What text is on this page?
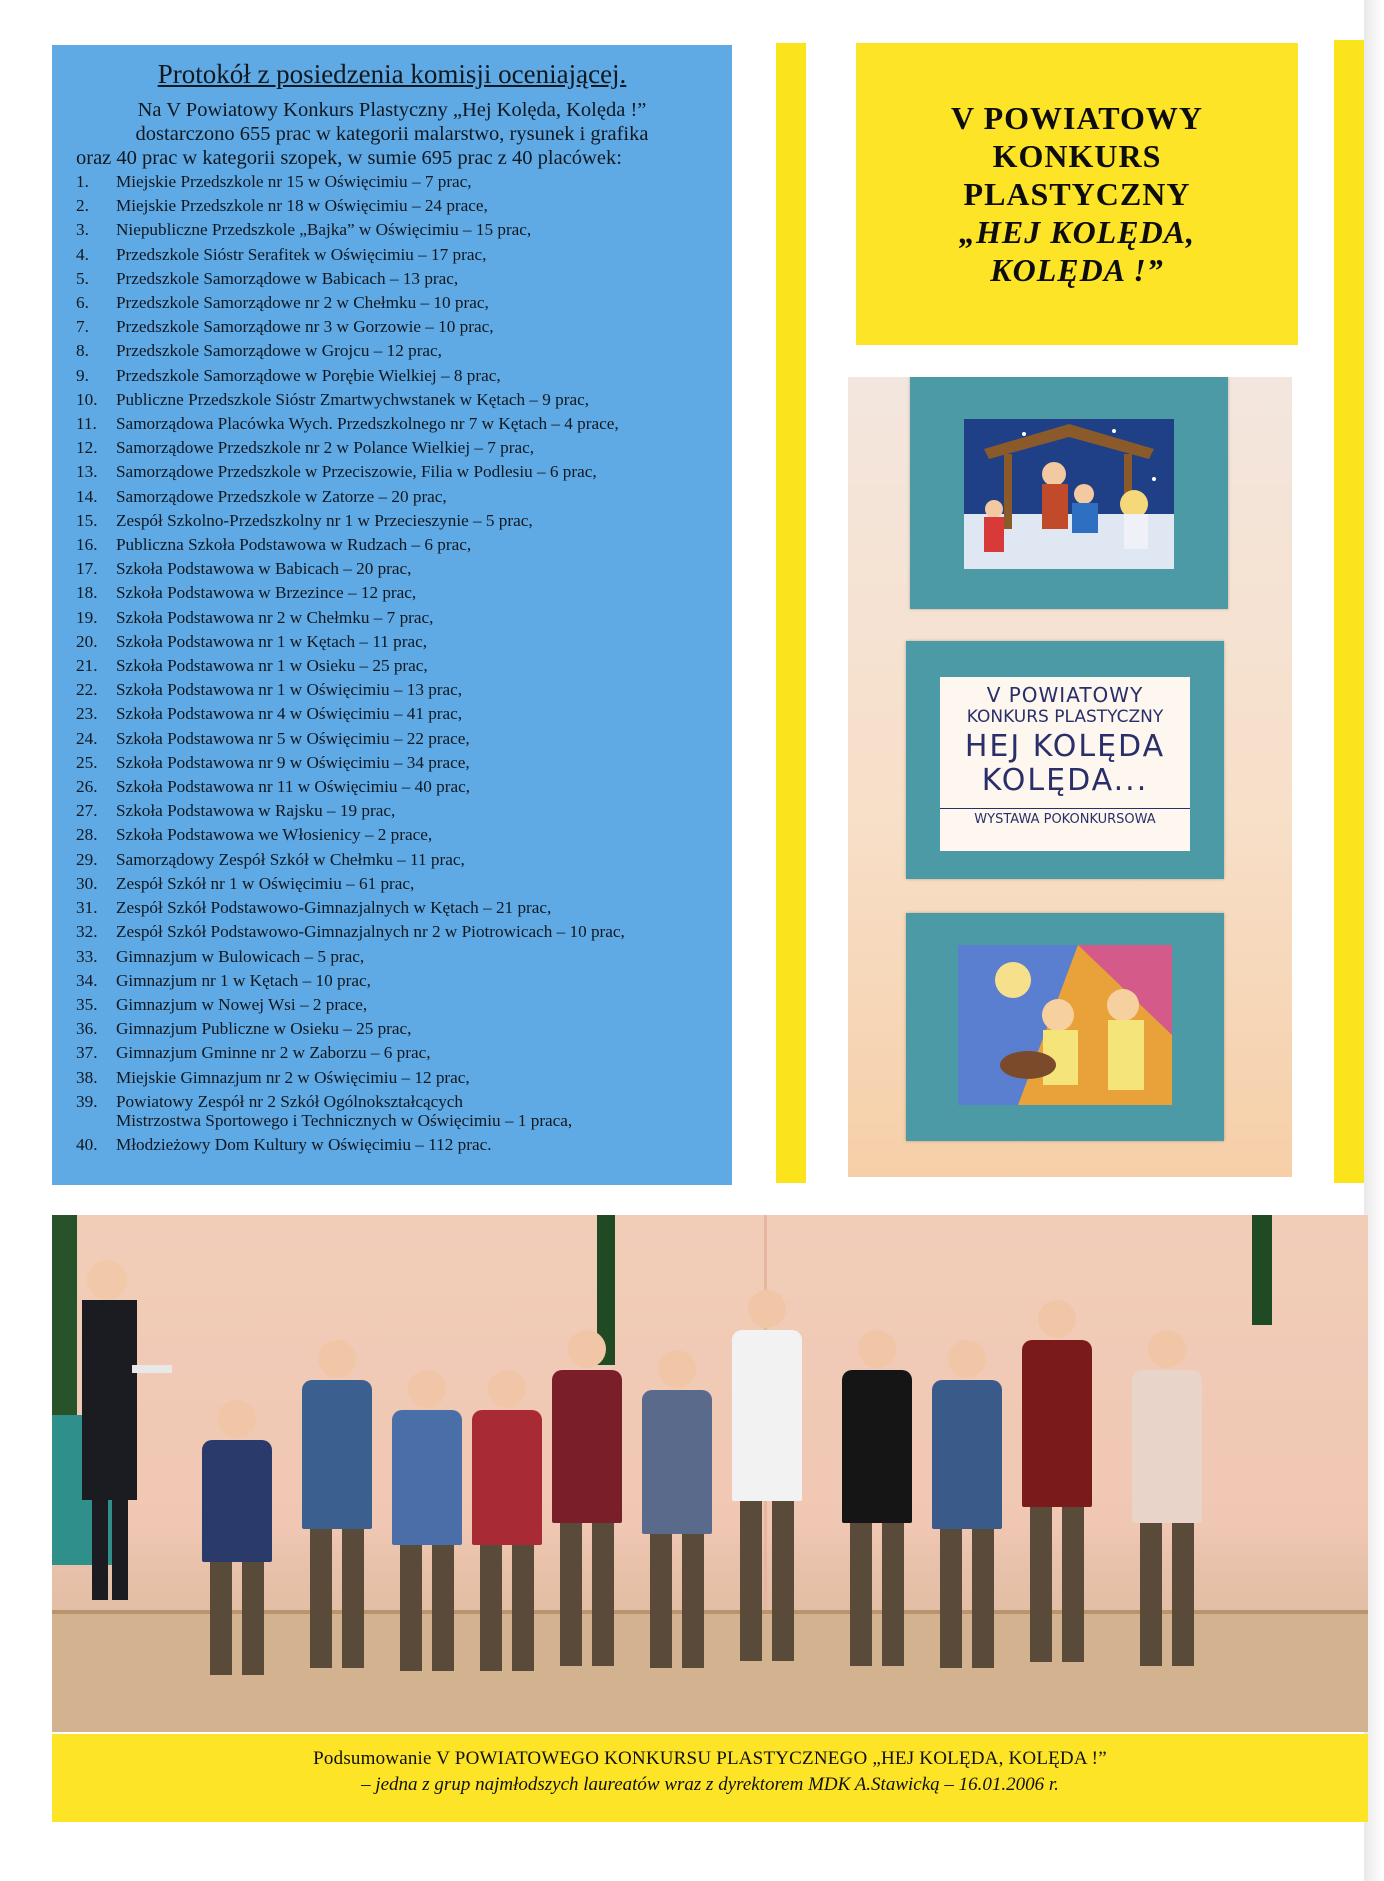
Protokół z posiedzenia komisji oceniającej.
Na V Powiatowy Konkurs Plastyczny „Hej Kolęda, Kolęda !”
dostarczono 655 prac w kategorii malarstwo, rysunek i grafika
oraz 40 prac w kategorii szopek, w sumie 695 prac z 40 placówek:
1.	Miejskie Przedszkole nr 15 w Oświęcimiu – 7 prac,
2.	Miejskie Przedszkole nr 18 w Oświęcimiu – 24 prace,
3.	Niepubliczne Przedszkole „Bajka” w Oświęcimiu – 15 prac,
4.	Przedszkole Sióstr Serafitek w Oświęcimiu – 17 prac,
5.	Przedszkole Samorządowe w Babicach – 13 prac,
6.	Przedszkole Samorządowe nr 2 w Chełmku – 10 prac,
7.	Przedszkole Samorządowe nr 3 w Gorzowie – 10 prac,
8.	Przedszkole Samorządowe w Grojcu – 12 prac,
9.	Przedszkole Samorządowe w Porębie Wielkiej – 8 prac,
10.	Publiczne Przedszkole Sióstr Zmartwychwstanek w Kętach – 9 prac,
11.	Samorządowa Placówka Wych. Przedszkolnego nr 7 w Kętach – 4 prace,
12.	Samorządowe Przedszkole nr 2 w Polance Wielkiej – 7 prac,
13.	Samorządowe Przedszkole w Przeciszowie, Filia w Podlesiu – 6 prac,
14.	Samorządowe Przedszkole w Zatorze – 20 prac,
15.	Zespół Szkolno-Przedszkolny nr 1 w Przecieszynie – 5 prac,
16.	Publiczna Szkoła Podstawowa w Rudzach – 6 prac,
17.	Szkoła Podstawowa w Babicach – 20 prac,
18.	Szkoła Podstawowa w Brzezince – 12 prac,
19.	Szkoła Podstawowa nr 2 w Chełmku – 7 prac,
20.	Szkoła Podstawowa nr 1 w Kętach – 11 prac,
21.	Szkoła Podstawowa nr 1 w Osieku – 25 prac,
22.	Szkoła Podstawowa nr 1 w Oświęcimiu – 13 prac,
23.	Szkoła Podstawowa nr 4 w Oświęcimiu – 41 prac,
24.	Szkoła Podstawowa nr 5 w Oświęcimiu – 22 prace,
25.	Szkoła Podstawowa nr 9 w Oświęcimiu – 34 prace,
26.	Szkoła Podstawowa nr 11 w Oświęcimiu – 40 prac,
27.	Szkoła Podstawowa w Rajsku – 19 prac,
28.	Szkoła Podstawowa we Włosienicy – 2 prace,
29.	Samorządowy Zespół Szkół w Chełmku – 11 prac,
30.	Zespół Szkół nr 1 w Oświęcimiu – 61 prac,
31.	Zespół Szkół Podstawowo-Gimnazjalnych w Kętach – 21 prac,
32.	Zespół Szkół Podstawowo-Gimnazjalnych nr 2 w Piotrowicach – 10 prac,
33.	Gimnazjum w Bulowicach – 5 prac,
34.	Gimnazjum nr 1 w Kętach – 10 prac,
35.	Gimnazjum w Nowej Wsi – 2 prace,
36.	Gimnazjum Publiczne w Osieku – 25 prac,
37.	Gimnazjum Gminne nr 2 w Zaborzu – 6 prac,
38.	Miejskie Gimnazjum nr 2 w Oświęcimiu – 12 prac,
39.	Powiatowy Zespół nr 2 Szkół Ogólnokształcących
Mistrzostwa Sportowego i Technicznych w Oświęcimiu – 1 praca,
40.	Młodzieżowy Dom Kultury w Oświęcimiu – 112 prac.
V POWIATOWY
KONKURS
PLASTYCZNY
„HEJ KOLĘDA,
KOLĘDA !”
V POWIATOWY
KONKURS PLASTYCZNY
HEJ KOLĘDA
KOLĘDA...
WYSTAWA POKONKURSOWA
Podsumowanie V POWIATOWEGO KONKURSU PLASTYCZNEGO „HEJ KOLĘDA, KOLĘDA !”
– jedna z grup najmłodszych laureatów wraz z dyrektorem MDK A.Stawicką – 16.01.2006 r.
